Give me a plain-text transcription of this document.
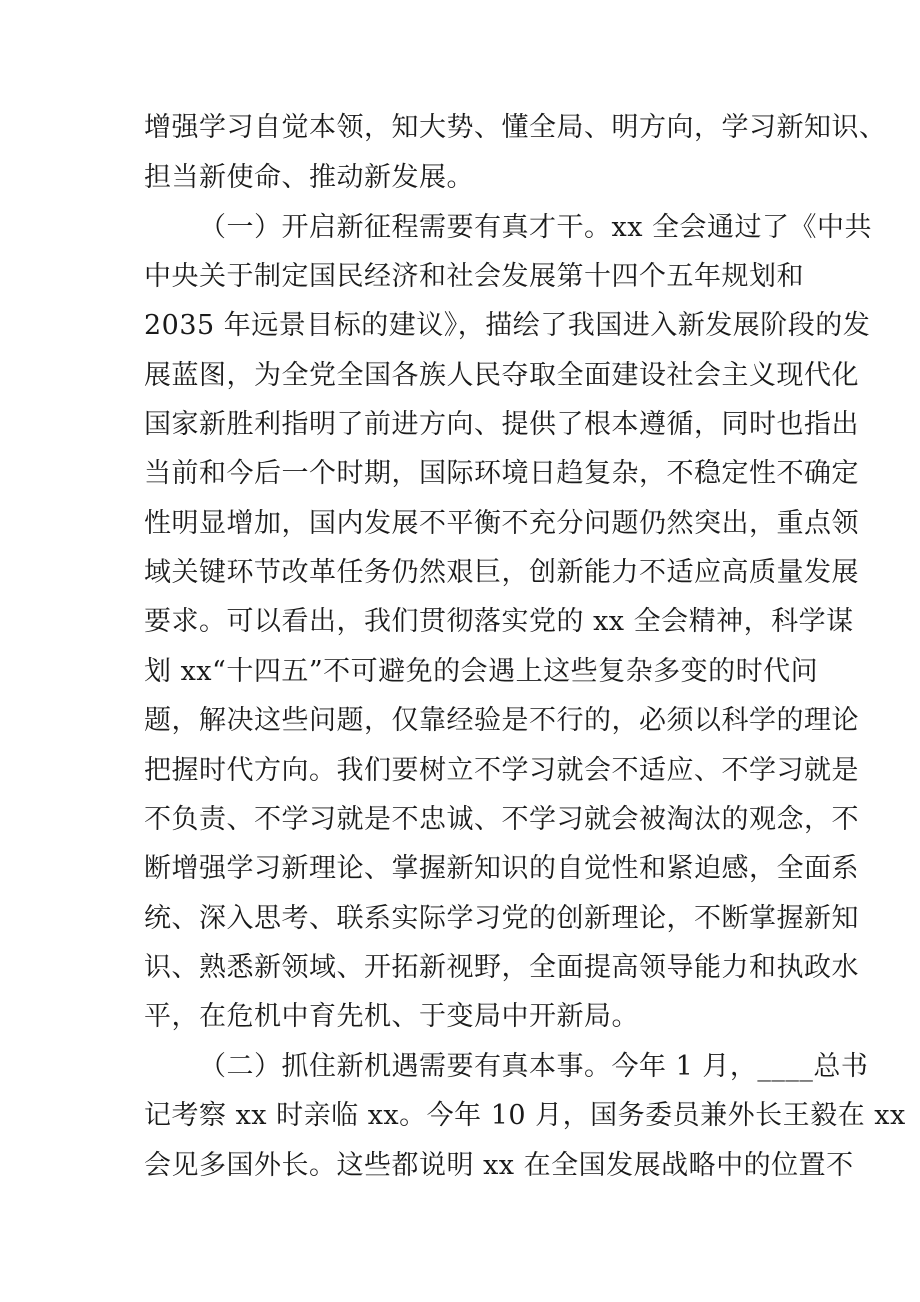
增强学习自觉本领，知大势、懂全局、明方向，学习新知识、
担当新使命、推动新发展。
（一）开启新征程需要有真才干。xx 全会通过了《中共
中央关于制定国民经济和社会发展第十四个五年规划和
2035 年远景目标的建议》，描绘了我国进入新发展阶段的发
展蓝图，为全党全国各族人民夺取全面建设社会主义现代化
国家新胜利指明了前进方向、提供了根本遵循，同时也指出
当前和今后一个时期，国际环境日趋复杂，不稳定性不确定
性明显增加，国内发展不平衡不充分问题仍然突出，重点领
域关键环节改革任务仍然艰巨，创新能力不适应高质量发展
要求。可以看出，我们贯彻落实党的 xx 全会精神，科学谋
划 xx“十四五”不可避免的会遇上这些复杂多变的时代问
题，解决这些问题，仅靠经验是不行的，必须以科学的理论
把握时代方向。我们要树立不学习就会不适应、不学习就是
不负责、不学习就是不忠诚、不学习就会被淘汰的观念，不
断增强学习新理论、掌握新知识的自觉性和紧迫感，全面系
统、深入思考、联系实际学习党的创新理论，不断掌握新知
识、熟悉新领域、开拓新视野，全面提高领导能力和执政水
平，在危机中育先机、于变局中开新局。
（二）抓住新机遇需要有真本事。今年 1 月，____总书
记考察 xx 时亲临 xx。今年 10 月，国务委员兼外长王毅在 xx
会见多国外长。这些都说明 xx 在全国发展战略中的位置不
